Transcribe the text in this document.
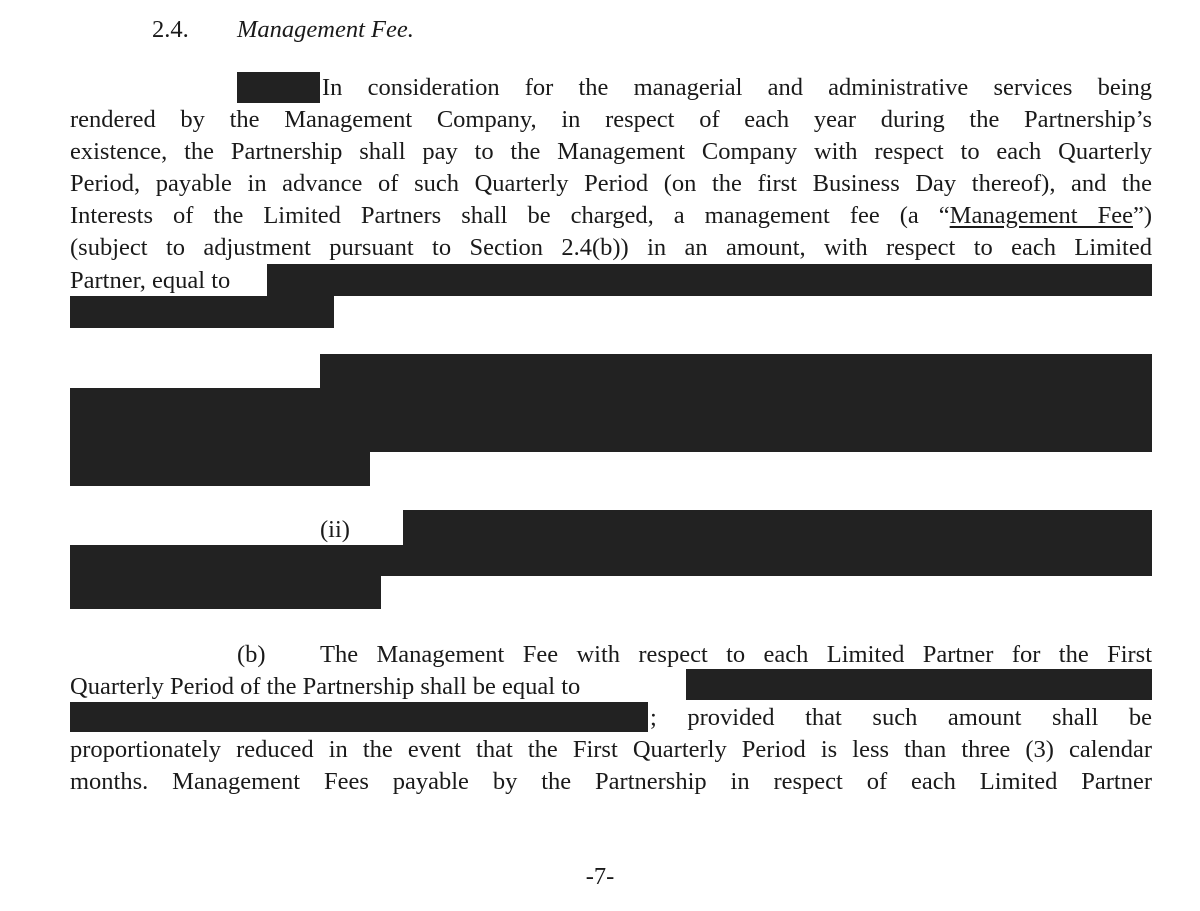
2.4. Management Fee.
In consideration for the managerial and administrative services being
rendered by the Management Company, in respect of each year during the Partnership’s
existence, the Partnership shall pay to the Management Company with respect to each Quarterly
Period, payable in advance of such Quarterly Period (on the first Business Day thereof), and the
Interests of the Limited Partners shall be charged, a management fee (a “Management Fee”)
(subject to adjustment pursuant to Section 2.4(b)) in an amount, with respect to each Limited
Partner, equal to
(ii)
(b) The Management Fee with respect to each Limited Partner for the First
Quarterly Period of the Partnership shall be equal to
; provided that such amount shall be
proportionately reduced in the event that the First Quarterly Period is less than three (3) calendar
months. Management Fees payable by the Partnership in respect of each Limited Partner
-7-
